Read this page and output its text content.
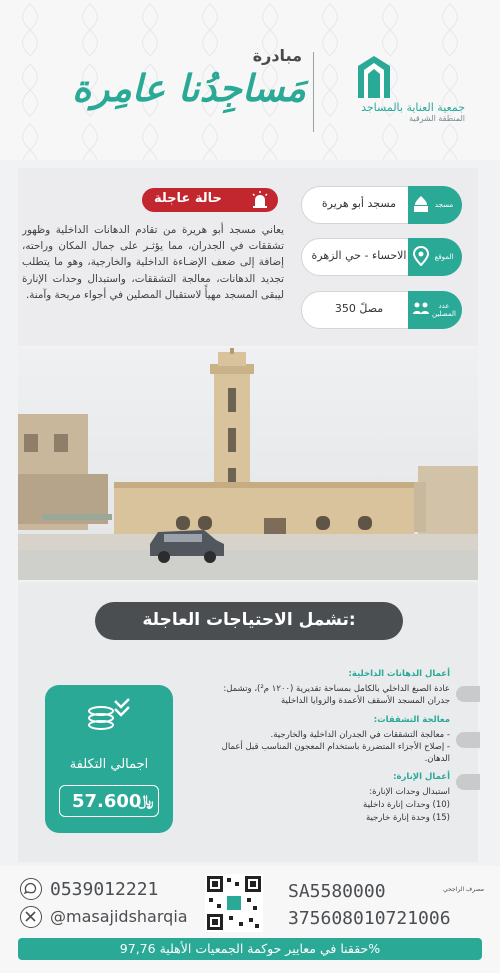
جمعية العناية بالمساجد
المنطقة الشرقية
مبادرة
مَساجِدُنا عامِرة
مسجد
مسجد أبو هريرة
الموقع
الاحساء - حي الزهرة
عدد المصلين
350 مصلً
حالة عاجلة
يعاني مسجد أبو هريرة من تقادم الدهانات الداخلية وظهور تشققات في الجدران، مما يؤثـر على جمال المكان وراحته، إضافة إلى ضعف الإضـاءة الداخلية والخارجية، وهو ما يتطلب تجديد الدهانات، معالجة التشققات، واستبدال وحدات الإنارة ليبقى المسجد مهيأً لاستقبال المصلين في أجواء مريحة وآمنة.
تشمل الاحتياجات العاجلة:
اجمالي التكلفة
57.600
﷼
أعمال الدهانات الداخلية:
عادة الصبغ الداخلي بالكامل بمساحة تقديرية (١٢٠٠ م²)، وتشمل:
جدران المسجد الأسقف الأعمدة والزوايا الداخلية
معالجة التشققات:
- معالجة التشققات في الجدران الداخلية والخارجية.
- إصلاح الأجزاء المتضررة باستخدام المعجون المناسب قبل أعمال
الدهان.
أعمال الإنارة:
استبدال وحدات الإنارة:
(10) وحدات إنارة داخلية
(15) وحدة إنارة خارجية
0539012221
@masajidsharqia
مصرف الراجحي
SA5580000
375608010721006
حققنا في معايير حوكمة الجمعيات الأهلية 97,76%
